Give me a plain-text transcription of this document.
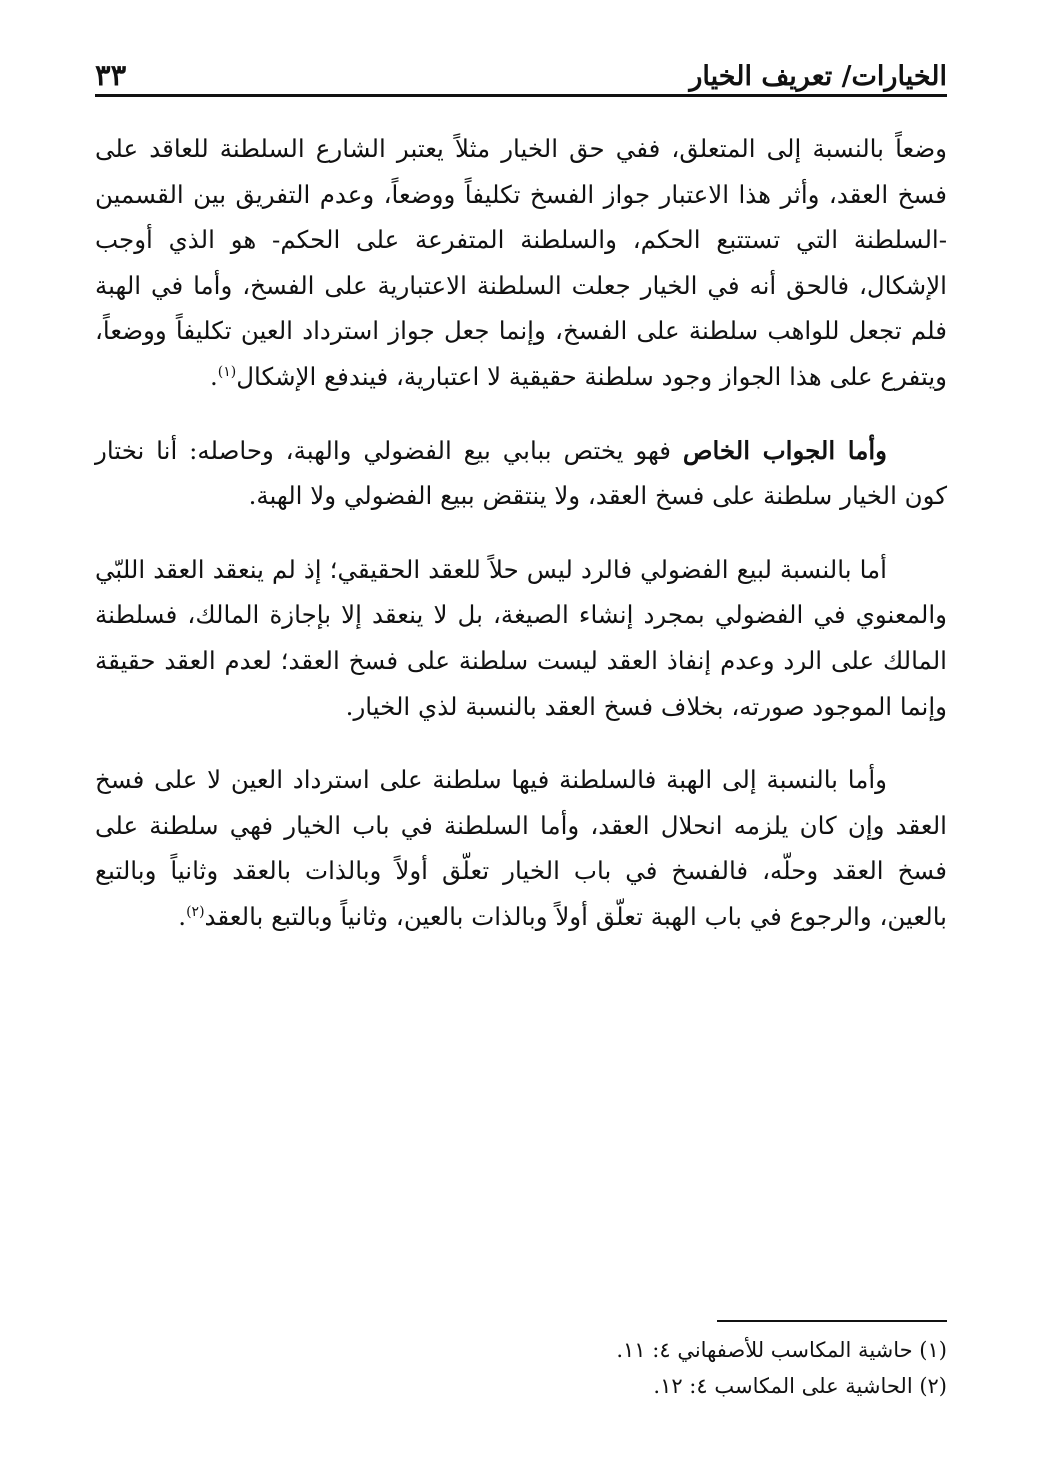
الخيارات/ تعريف الخيار
٣٣

وضعاً بالنسبة إلى المتعلق، ففي حق الخيار مثلاً يعتبر الشارع السلطنة للعاقد على فسخ العقد، وأثر هذا الاعتبار جواز الفسخ تكليفاً ووضعاً، وعدم التفريق بين القسمين -السلطنة التي تستتبع الحكم، والسلطنة المتفرعة على الحكم- هو الذي أوجب الإشكال، فالحق أنه في الخيار جعلت السلطنة الاعتبارية على الفسخ، وأما في الهبة فلم تجعل للواهب سلطنة على الفسخ، وإنما جعل جواز استرداد العين تكليفاً ووضعاً، ويتفرع على هذا الجواز وجود سلطنة حقيقية لا اعتبارية، فيندفع الإشكال$^{(١)}$.

وأما الجواب الخاص فهو يختص ببابي بيع الفضولي والهبة، وحاصله: أنا نختار كون الخيار سلطنة على فسخ العقد، ولا ينتقض ببيع الفضولي ولا الهبة.

أما بالنسبة لبيع الفضولي فالرد ليس حلاً للعقد الحقيقي؛ إذ لم ينعقد العقد اللبّي والمعنوي في الفضولي بمجرد إنشاء الصيغة، بل لا ينعقد إلا بإجازة المالك، فسلطنة المالك على الرد وعدم إنفاذ العقد ليست سلطنة على فسخ العقد؛ لعدم العقد حقيقة وإنما الموجود صورته، بخلاف فسخ العقد بالنسبة لذي الخيار.

وأما بالنسبة إلى الهبة فالسلطنة فيها سلطنة على استرداد العين لا على فسخ العقد وإن كان يلزمه انحلال العقد، وأما السلطنة في باب الخيار فهي سلطنة على فسخ العقد وحلّه، فالفسخ في باب الخيار تعلّق أولاً وبالذات بالعقد وثانياً وبالتبع بالعين، والرجوع في باب الهبة تعلّق أولاً وبالذات بالعين، وثانياً وبالتبع بالعقد$^{(٢)}$.

(١) حاشية المكاسب للأصفهاني ٤: ١١.

(٢) الحاشية على المكاسب ٤: ١٢.
